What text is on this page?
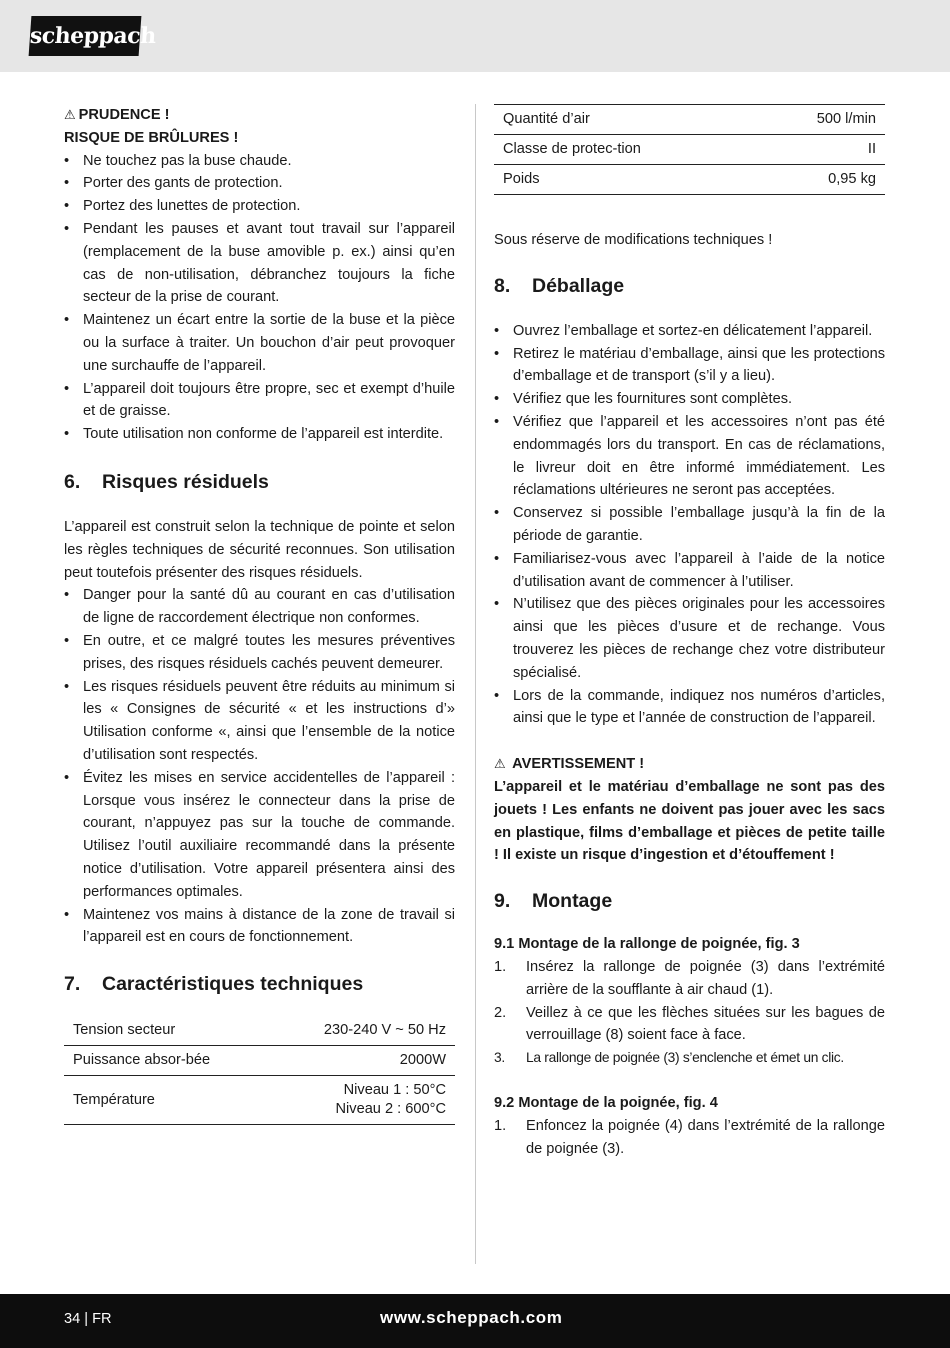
scheppach
⚠ PRUDENCE !
RISQUE DE BRÛLURES !
• Ne touchez pas la buse chaude.
• Porter des gants de protection.
• Portez des lunettes de protection.
• Pendant les pauses et avant tout travail sur l’appareil (remplacement de la buse amovible p. ex.) ainsi qu’en cas de non-utilisation, débranchez toujours la fiche secteur de la prise de courant.
• Maintenez un écart entre la sortie de la buse et la pièce ou la surface à traiter. Un bouchon d’air peut provoquer une surchauffe de l’appareil.
• L’appareil doit toujours être propre, sec et exempt d’huile et de graisse.
• Toute utilisation non conforme de l’appareil est interdite.
6. Risques résiduels

L’appareil est construit selon la technique de pointe et selon les règles techniques de sécurité reconnues. Son utilisation peut toutefois présenter des risques résiduels.

• Danger pour la santé dû au courant en cas d’utilisation de ligne de raccordement électrique non conformes.
• En outre, et ce malgré toutes les mesures préventives prises, des risques résiduels cachés peuvent demeurer.
• Les risques résiduels peuvent être réduits au minimum si les « Consignes de sécurité « et les instructions d’» Utilisation conforme «, ainsi que l’ensemble de la notice d’utilisation sont respectés.
• Évitez les mises en service accidentelles de l’appareil : Lorsque vous insérez le connecteur dans la prise de courant, n’appuyez pas sur la touche de commande. Utilisez l’outil auxiliaire recommandé dans la présente notice d’utilisation. Votre appareil présentera ainsi des performances optimales.
• Maintenez vos mains à distance de la zone de travail si l’appareil est en cours de fonctionnement.
7. Caractéristiques techniques
Tension secteur	230-240 V ~ 50 Hz
Puissance absor-bée	2000W
Température	Niveau 1 : 50°C
Niveau 2 : 600°C
Quantité d’air	500 l/min
Classe de protec-tion	II
Poids	0,95 kg

Sous réserve de modifications techniques !

8. Déballage
• Ouvrez l’emballage et sortez-en délicatement l’appareil.
• Retirez le matériau d’emballage, ainsi que les protections d’emballage et de transport (s’il y a lieu).
• Vérifiez que les fournitures sont complètes.
• Vérifiez que l’appareil et les accessoires n’ont pas été endommagés lors du transport. En cas de réclamations, le livreur doit en être informé immédiatement. Les réclamations ultérieures ne seront pas acceptées.
• Conservez si possible l’emballage jusqu’à la fin de la période de garantie.
• Familiarisez-vous avec l’appareil à l’aide de la notice d’utilisation avant de commencer à l’utiliser.
• N’utilisez que des pièces originales pour les accessoires ainsi que les pièces d’usure et de rechange. Vous trouverez les pièces de rechange chez votre distributeur spécialisé.
• Lors de la commande, indiquez nos numéros d’articles, ainsi que le type et l’année de construction de l’appareil.
⚠ AVERTISSEMENT !

L’appareil et le matériau d’emballage ne sont pas des jouets ! Les enfants ne doivent pas jouer avec les sacs en plastique, films d’emballage et pièces de petite taille ! Il existe un risque d’ingestion et d’étouffement !

9. Montage
9.1 Montage de la rallonge de poignée, fig. 3
1. Insérez la rallonge de poignée (3) dans l’extrémité arrière de la soufflante à air chaud (1).
2. Veillez à ce que les flèches situées sur les bagues de verrouillage (8) soient face à face.
3. La rallonge de poignée (3) s’enclenche et émet un clic.
9.2 Montage de la poignée, fig. 4
1. Enfoncez la poignée (4) dans l’extrémité de la rallonge de poignée (3).
34 | FR	www.scheppach.com
